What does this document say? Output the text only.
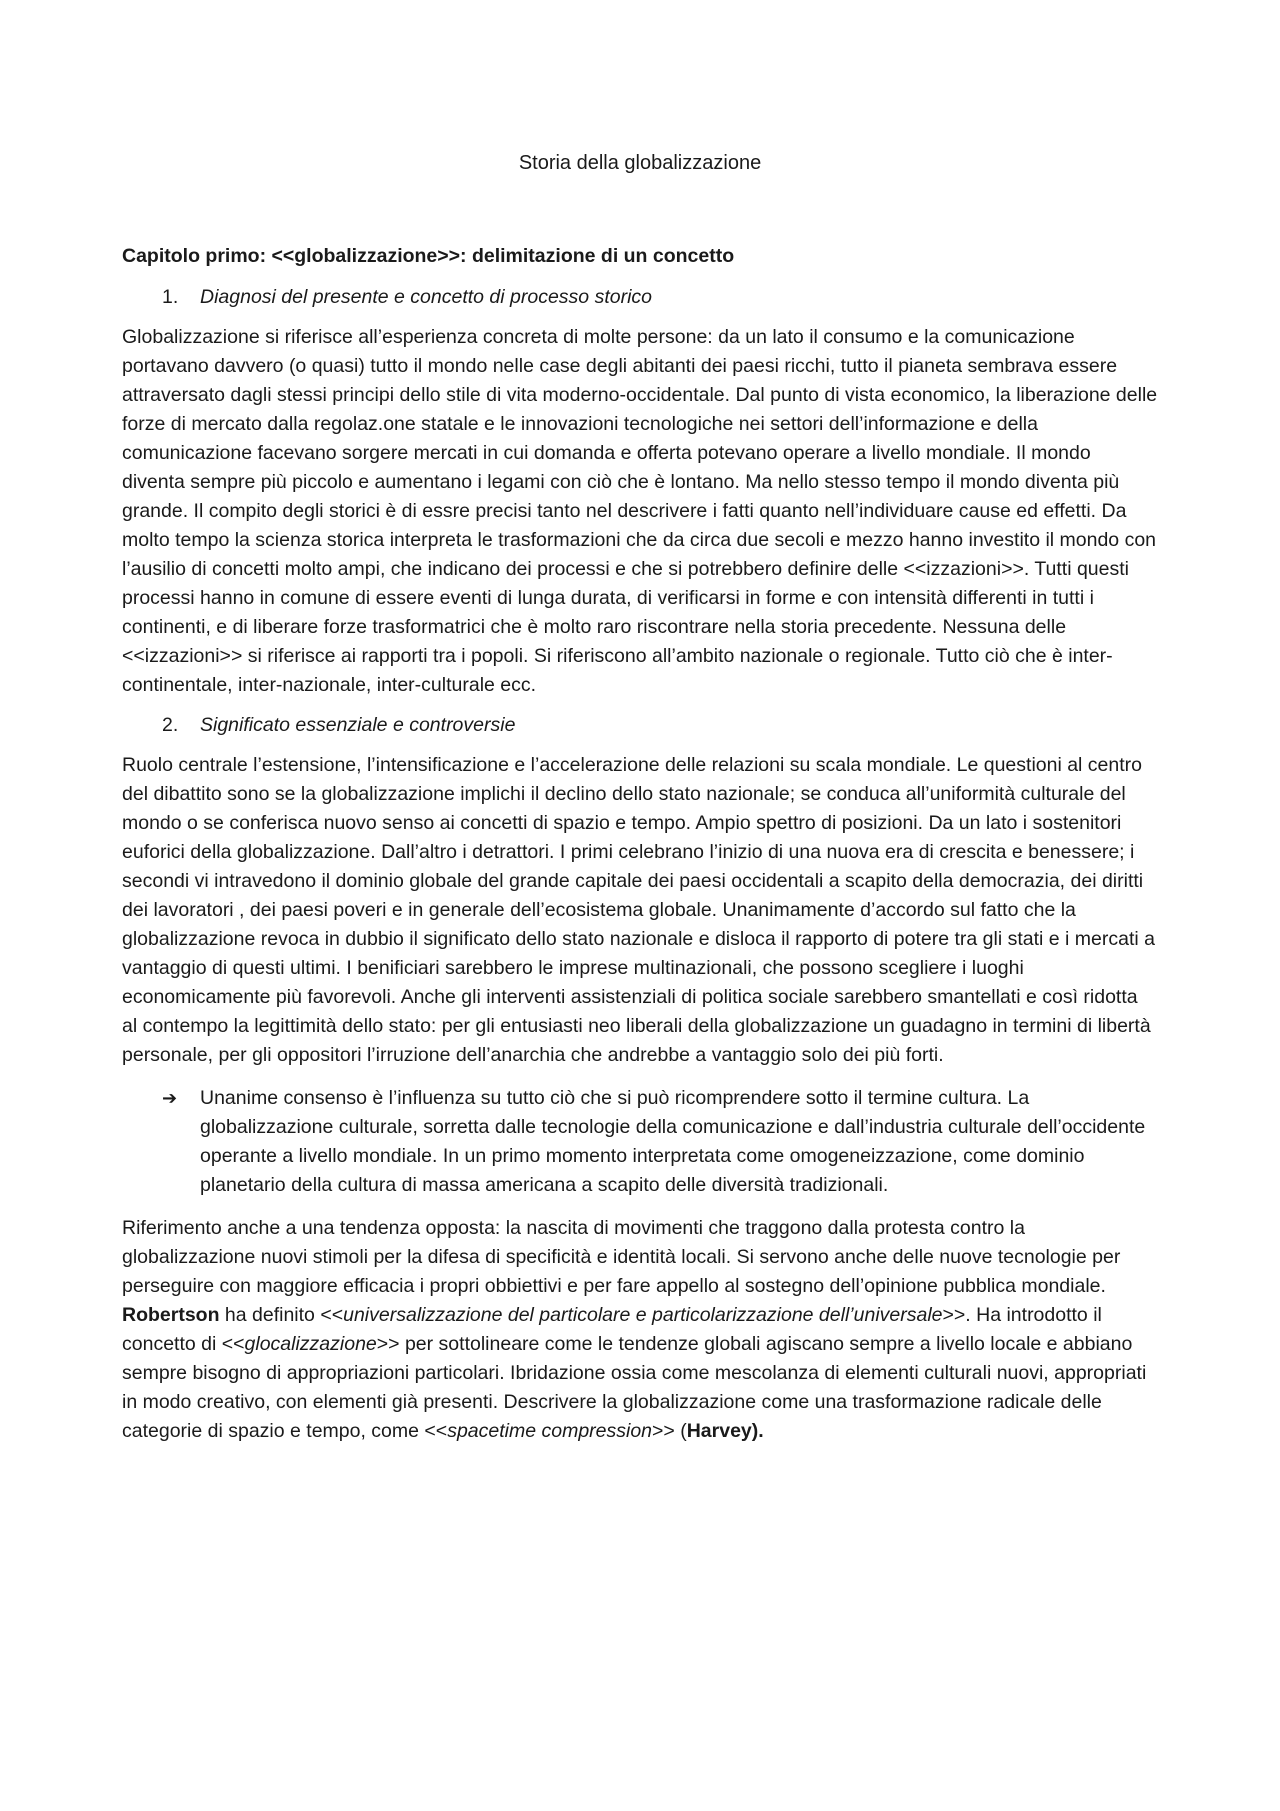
Storia della globalizzazione
Capitolo primo: <<globalizzazione>>: delimitazione di un concetto
1.	Diagnosi del presente e concetto di processo storico

Globalizzazione si riferisce all’esperienza concreta di molte persone: da un lato il consumo e la comunicazione portavano davvero (o quasi) tutto il mondo nelle case degli abitanti dei paesi ricchi, tutto il pianeta sembrava essere attraversato dagli stessi principi dello stile di vita moderno-occidentale. Dal punto di vista economico, la liberazione delle forze di mercato dalla regolaz.one statale e le innovazioni tecnologiche nei settori dell’informazione e della comunicazione facevano sorgere mercati in cui domanda e offerta potevano operare a livello mondiale. Il mondo diventa sempre più piccolo e aumentano i legami con ciò che è lontano. Ma nello stesso tempo il mondo diventa più grande. Il compito degli storici è di essre precisi tanto nel descrivere i fatti quanto nell’individuare cause ed effetti. Da molto tempo la scienza storica interpreta le trasformazioni che da circa due secoli e mezzo hanno investito il mondo con l’ausilio di concetti molto ampi, che indicano dei processi e che si potrebbero definire delle <<izzazioni>>. Tutti questi processi hanno in comune di essere eventi di lunga durata, di verificarsi in forme e con intensità differenti in tutti i continenti, e di liberare forze trasformatrici che è molto raro riscontrare nella storia precedente. Nessuna delle <<izzazioni>> si riferisce ai rapporti tra i popoli. Si riferiscono all’ambito nazionale o regionale. Tutto ciò che è inter-continentale, inter-nazionale, inter-culturale ecc.

2.	Significato essenziale e controversie

Ruolo centrale l’estensione, l’intensificazione e l’accelerazione delle relazioni su scala mondiale. Le questioni al centro del dibattito sono se la globalizzazione implichi il declino dello stato nazionale; se conduca all’uniformità culturale del mondo o se conferisca nuovo senso ai concetti di spazio e tempo. Ampio spettro di posizioni. Da un lato i sostenitori euforici della globalizzazione. Dall’altro i detrattori. I primi celebrano l’inizio di una nuova era di crescita e benessere; i secondi vi intravedono il dominio globale del grande capitale dei paesi occidentali a scapito della democrazia, dei diritti dei lavoratori , dei paesi poveri e in generale dell’ecosistema globale. Unanimamente d’accordo sul fatto che la globalizzazione revoca in dubbio il significato dello stato nazionale e disloca il rapporto di potere tra gli stati e i mercati a vantaggio di questi ultimi. I benificiari sarebbero le imprese multinazionali, che possono scegliere i luoghi economicamente più favorevoli. Anche gli interventi assistenziali di politica sociale sarebbero smantellati e così ridotta al contempo la legittimità dello stato: per gli entusiasti neo liberali della globalizzazione un guadagno in termini di libertà personale, per gli oppositori l’irruzione dell’anarchia che andrebbe a vantaggio solo dei più forti.

➔	Unanime consenso è l’influenza su tutto ciò che si può ricomprendere sotto il termine cultura. La globalizzazione culturale, sorretta dalle tecnologie della comunicazione e dall’industria culturale dell’occidente operante a livello mondiale. In un primo momento interpretata come omogeneizzazione, come dominio planetario della cultura di massa americana a scapito delle diversità tradizionali.

Riferimento anche a una tendenza opposta: la nascita di movimenti che traggono dalla protesta contro la globalizzazione nuovi stimoli per la difesa di specificità e identità locali. Si servono anche delle nuove tecnologie per perseguire con maggiore efficacia i propri obbiettivi e per fare appello al sostegno dell’opinione pubblica mondiale. Robertson ha definito <<universalizzazione del particolare e particolarizzazione dell’universale>>. Ha introdotto il concetto di <<glocalizzazione>> per sottolineare come le tendenze globali agiscano sempre a livello locale e abbiano sempre bisogno di appropriazioni particolari. Ibridazione ossia come mescolanza di elementi culturali nuovi, appropriati in modo creativo, con elementi già presenti. Descrivere la globalizzazione come una trasformazione radicale delle categorie di spazio e tempo, come <<spacetime compression>> (Harvey).
